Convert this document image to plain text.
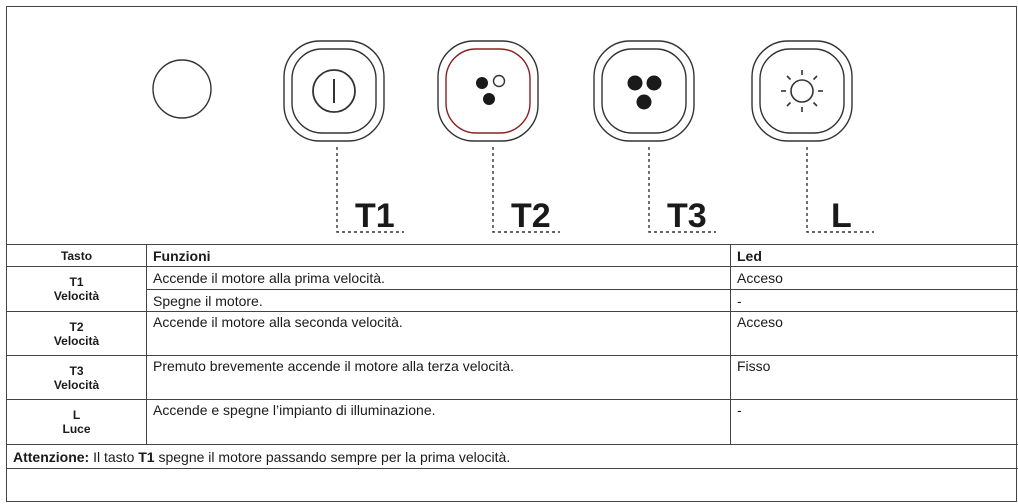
T1	T2	T3	L
Tasto	Funzioni	Led
T1
Velocità	Accende il motore alla prima velocità.	Acceso
	Spegne il motore.	-
T2
Velocità	Accende il motore alla seconda velocità.	Acceso
T3
Velocità	Premuto brevemente accende il motore alla terza velocità.	Fisso
L
Luce	Accende e spegne l’impianto di illuminazione.	-
Attenzione: Il tasto T1 spegne il motore passando sempre per la prima velocità.		
